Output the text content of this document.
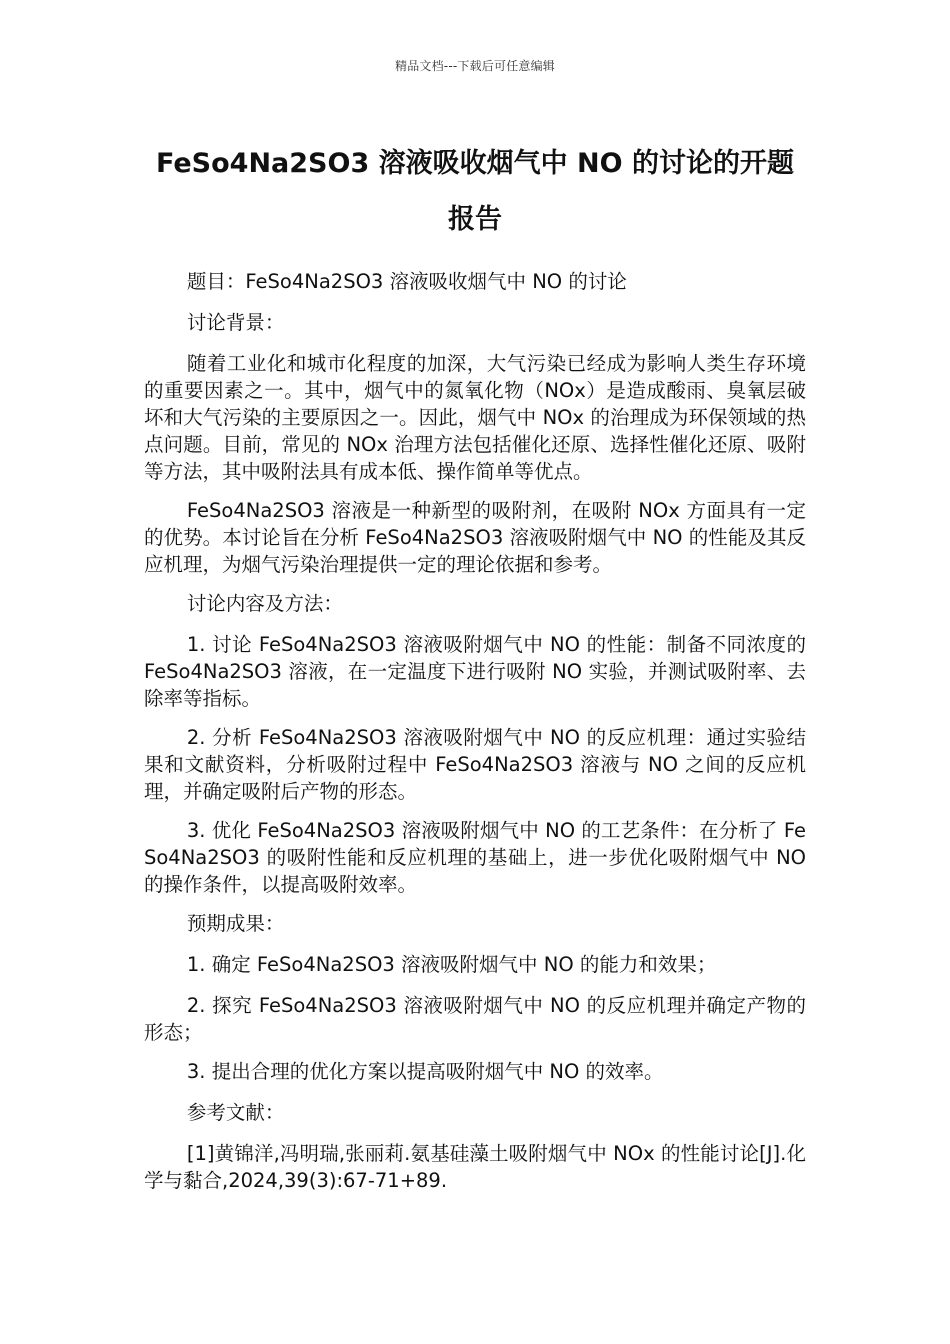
精品文档---下载后可任意编辑
FeSo4Na2SO3 溶液吸收烟气中 NO 的讨论的开题报告

题目：FeSo4Na2SO3 溶液吸收烟气中 NO 的讨论

讨论背景：

随着工业化和城市化程度的加深，大气污染已经成为影响人类生存环境的重要因素之一。其中，烟气中的氮氧化物（NOx）是造成酸雨、臭氧层破坏和大气污染的主要原因之一。因此，烟气中 NOx 的治理成为环保领域的热点问题。目前，常见的 NOx 治理方法包括催化还原、选择性催化还原、吸附等方法，其中吸附法具有成本低、操作简单等优点。

FeSo4Na2SO3 溶液是一种新型的吸附剂，在吸附 NOx 方面具有一定的优势。本讨论旨在分析 FeSo4Na2SO3 溶液吸附烟气中 NO 的性能及其反应机理，为烟气污染治理提供一定的理论依据和参考。

讨论内容及方法：

1. 讨论 FeSo4Na2SO3 溶液吸附烟气中 NO 的性能：制备不同浓度的 FeSo4Na2SO3 溶液，在一定温度下进行吸附 NO 实验，并测试吸附率、去除率等指标。

2. 分析 FeSo4Na2SO3 溶液吸附烟气中 NO 的反应机理：通过实验结果和文献资料，分析吸附过程中 FeSo4Na2SO3 溶液与 NO 之间的反应机理，并确定吸附后产物的形态。

3. 优化 FeSo4Na2SO3 溶液吸附烟气中 NO 的工艺条件：在分析了 FeSo4Na2SO3 的吸附性能和反应机理的基础上，进一步优化吸附烟气中 NO 的操作条件，以提高吸附效率。

预期成果：

1. 确定 FeSo4Na2SO3 溶液吸附烟气中 NO 的能力和效果；

2. 探究 FeSo4Na2SO3 溶液吸附烟气中 NO 的反应机理并确定产物的形态；

3. 提出合理的优化方案以提高吸附烟气中 NO 的效率。

参考文献：

[1]黄锦洋,冯明瑞,张丽莉.氨基硅藻土吸附烟气中 NOx 的性能讨论[J].化学与黏合,2024,39(3):67-71+89.
